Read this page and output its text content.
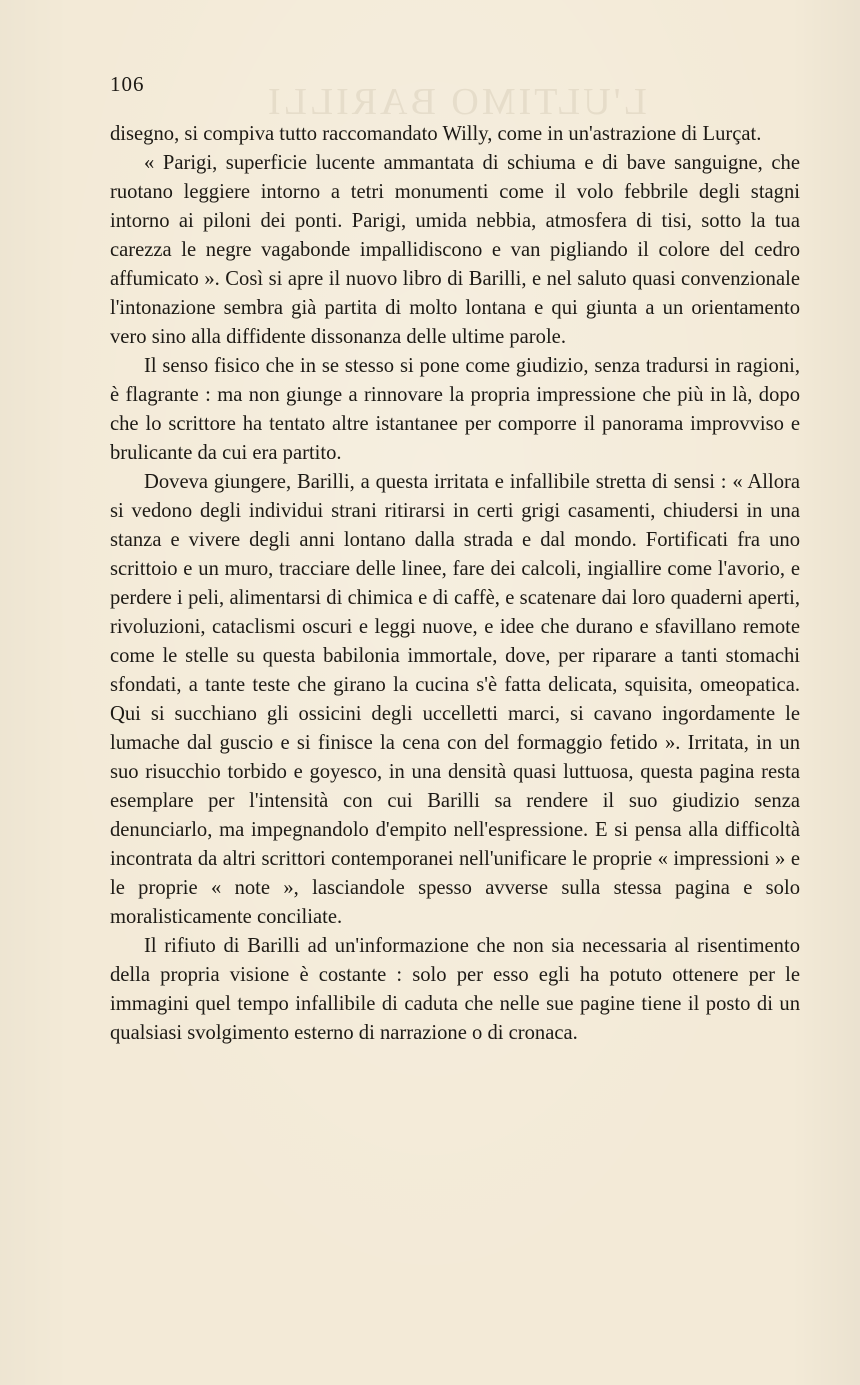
L'ULTIMO BARILLI
106

disegno, si compiva tutto raccomandato Willy, come in un'astrazione di Lurçat.

« Parigi, superficie lucente ammantata di schiuma e di bave sanguigne, che ruotano leggiere intorno a tetri monumenti come il volo febbrile degli stagni intorno ai piloni dei ponti. Parigi, umida nebbia, atmosfera di tisi, sotto la tua carezza le negre vagabonde impallidiscono e van pigliando il colore del cedro affumicato ». Così si apre il nuovo libro di Barilli, e nel saluto quasi convenzionale l'intonazione sembra già partita di molto lontana e qui giunta a un orientamento vero sino alla diffidente dissonanza delle ultime parole.

Il senso fisico che in se stesso si pone come giudizio, senza tradursi in ragioni, è flagrante : ma non giunge a rinnovare la propria impressione che più in là, dopo che lo scrittore ha tentato altre istantanee per comporre il panorama improvviso e brulicante da cui era partito.

Doveva giungere, Barilli, a questa irritata e infallibile stretta di sensi : « Allora si vedono degli individui strani ritirarsi in certi grigi casamenti, chiudersi in una stanza e vivere degli anni lontano dalla strada e dal mondo. Fortificati fra uno scrittoio e un muro, tracciare delle linee, fare dei calcoli, ingiallire come l'avorio, e perdere i peli, alimentarsi di chimica e di caffè, e scatenare dai loro quaderni aperti, rivoluzioni, cataclismi oscuri e leggi nuove, e idee che durano e sfavillano remote come le stelle su questa babilonia immortale, dove, per riparare a tanti stomachi sfondati, a tante teste che girano la cucina s'è fatta delicata, squisita, omeopatica. Qui si succhiano gli ossicini degli uccelletti marci, si cavano ingordamente le lumache dal guscio e si finisce la cena con del formaggio fetido ». Irritata, in un suo risucchio torbido e goyesco, in una densità quasi luttuosa, questa pagina resta esemplare per l'intensità con cui Barilli sa rendere il suo giudizio senza denunciarlo, ma impegnandolo d'empito nell'espressione. E si pensa alla difficoltà incontrata da altri scrittori contemporanei nell'unificare le proprie « impressioni » e le proprie « note », lasciandole spesso avverse sulla stessa pagina e solo moralisticamente conciliate.

Il rifiuto di Barilli ad un'informazione che non sia necessaria al risentimento della propria visione è costante : solo per esso egli ha potuto ottenere per le immagini quel tempo infallibile di caduta che nelle sue pagine tiene il posto di un qualsiasi svolgimento esterno di narrazione o di cronaca.
